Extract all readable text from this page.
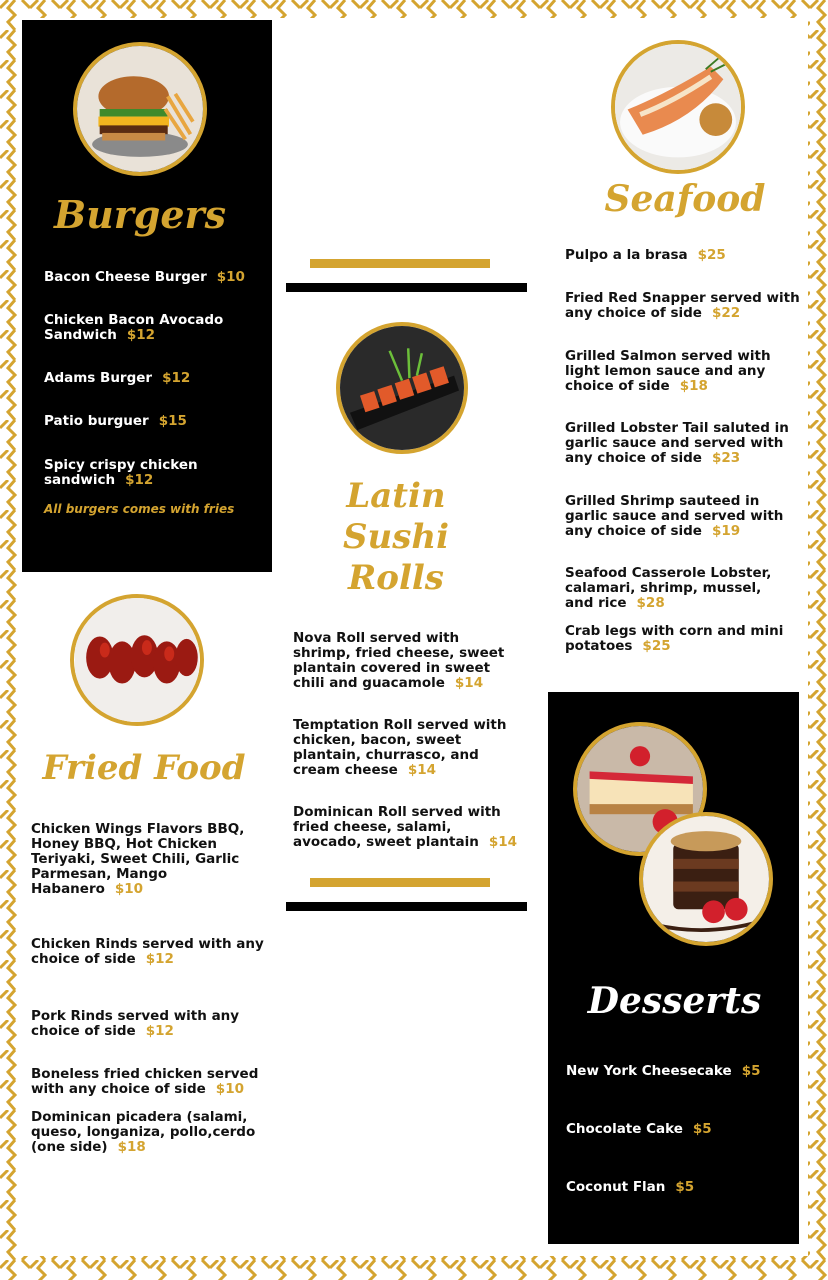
Burgers
Bacon Cheese Burger $10
Chicken Bacon Avocado Sandwich $12
Adams Burger $12
Patio burguer $15
Spicy crispy chicken sandwich $12
All burgers comes with fries
Fried Food
Chicken Wings Flavors BBQ, Honey BBQ, Hot Chicken Teriyaki, Sweet Chili, Garlic Parmesan, Mango Habanero $10
Chicken Rinds served with any choice of side $12
Pork Rinds served with any choice of side $12
Boneless fried chicken served with any choice of side $10
Dominican picadera (salami, queso, longaniza, pollo,cerdo (one side) $18
Latin Sushi Rolls
Nova Roll served with shrimp, fried cheese, sweet plantain covered in sweet chili and guacamole $14
Temptation Roll served with chicken, bacon, sweet plantain, churrasco, and cream cheese $14
Dominican Roll served with fried cheese, salami, avocado, sweet plantain $14
Seafood
Pulpo a la brasa $25
Fried Red Snapper served with any choice of side $22
Grilled Salmon served with light lemon sauce and any choice of side $18
Grilled Lobster Tail saluted in garlic sauce and served with any choice of side $23
Grilled Shrimp sauteed in garlic sauce and served with any choice of side $19
Seafood Casserole Lobster, calamari, shrimp, mussel, and rice $28
Crab legs with corn and mini potatoes $25
Desserts
New York Cheesecake $5
Chocolate Cake $5
Coconut Flan $5
